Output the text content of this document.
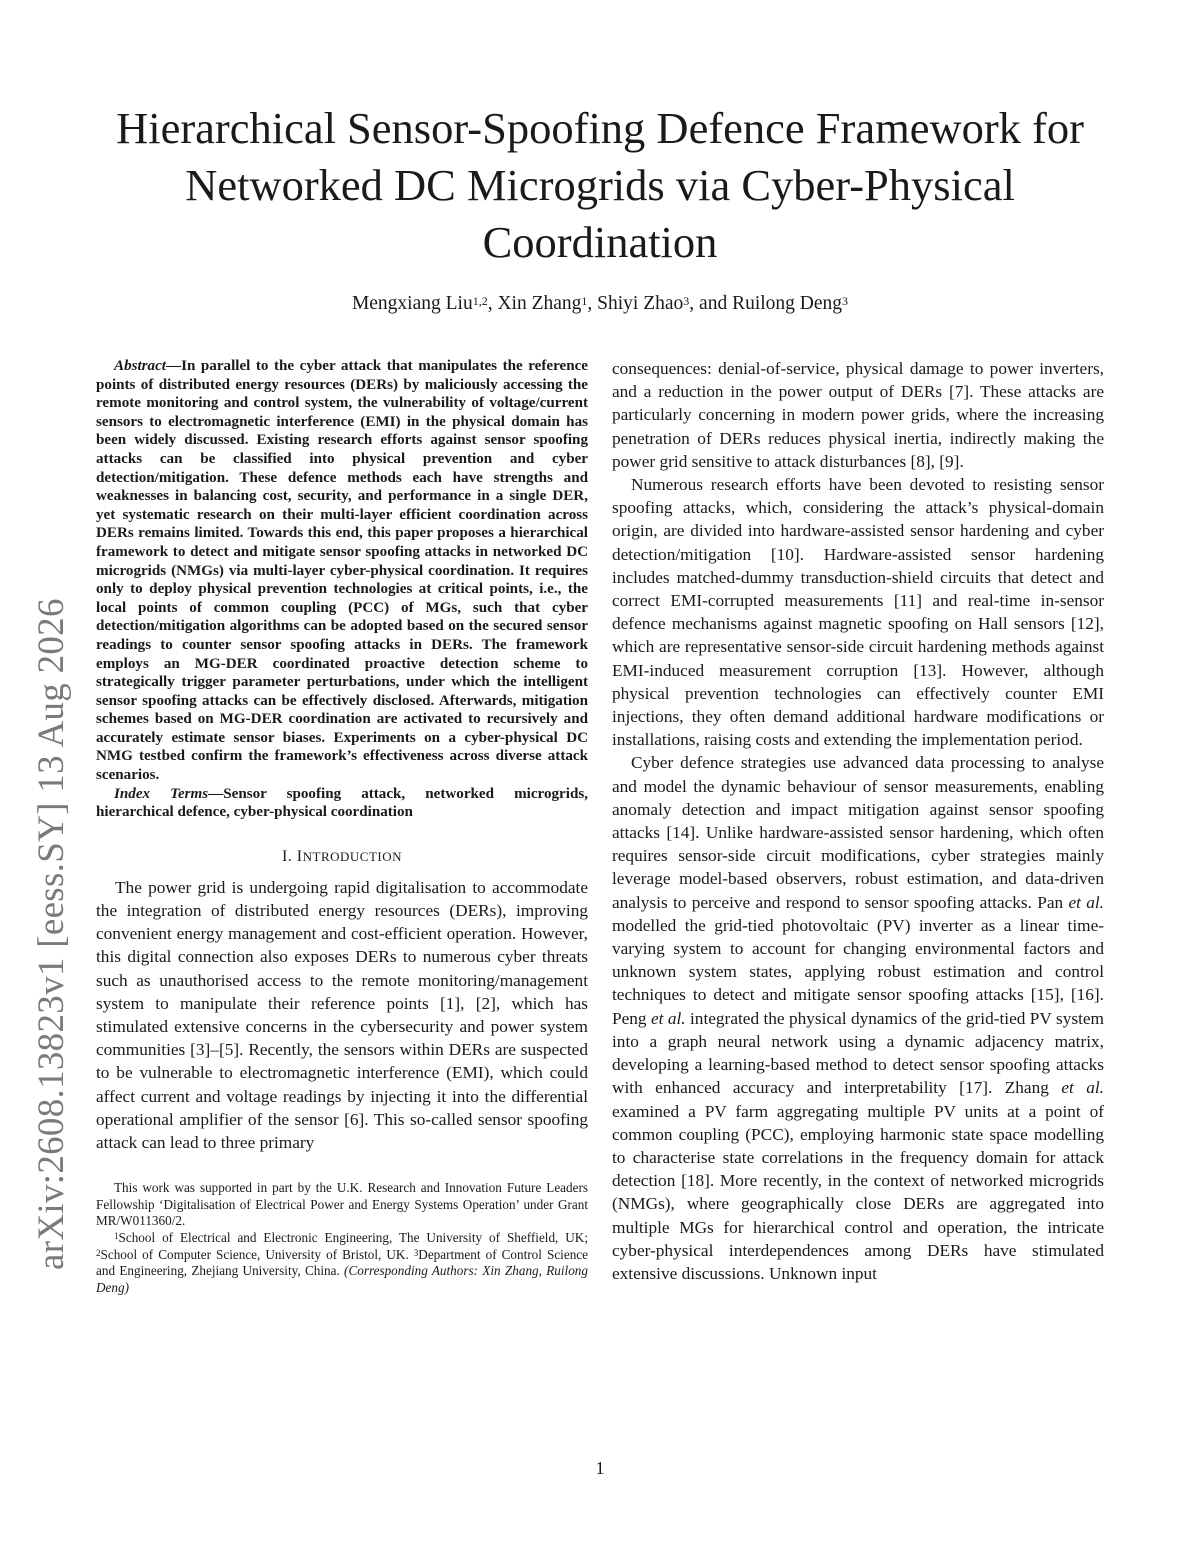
arXiv:2608.13823v1 [eess.SY] 13 Aug 2026
Hierarchical Sensor-Spoofing Defence Framework for Networked DC Microgrids via Cyber-Physical Coordination
Mengxiang Liu$^{1,2}$, Xin Zhang$^1$, Shiyi Zhao$^3$, and Ruilong Deng$^3$

Abstract—In parallel to the cyber attack that manipulates the reference points of distributed energy resources (DERs) by maliciously accessing the remote monitoring and control system, the vulnerability of voltage/current sensors to electromagnetic interference (EMI) in the physical domain has been widely discussed. Existing research efforts against sensor spoofing attacks can be classified into physical prevention and cyber detection/mitigation. These defence methods each have strengths and weaknesses in balancing cost, security, and performance in a single DER, yet systematic research on their multi-layer efficient coordination across DERs remains limited. Towards this end, this paper proposes a hierarchical framework to detect and mitigate sensor spoofing attacks in networked DC microgrids (NMGs) via multi-layer cyber-physical coordination. It requires only to deploy physical prevention technologies at critical points, i.e., the local points of common coupling (PCC) of MGs, such that cyber detection/mitigation algorithms can be adopted based on the secured sensor readings to counter sensor spoofing attacks in DERs. The framework employs an MG-DER coordinated proactive detection scheme to strategically trigger parameter perturbations, under which the intelligent sensor spoofing attacks can be effectively disclosed. Afterwards, mitigation schemes based on MG-DER coordination are activated to recursively and accurately estimate sensor biases. Experiments on a cyber-physical DC NMG testbed confirm the framework’s effectiveness across diverse attack scenarios.

Index Terms—Sensor spoofing attack, networked microgrids, hierarchical defence, cyber-physical coordination

I. INTRODUCTION

The power grid is undergoing rapid digitalisation to accommodate the integration of distributed energy resources (DERs), improving convenient energy management and cost-efficient operation. However, this digital connection also exposes DERs to numerous cyber threats such as unauthorised access to the remote monitoring/management system to manipulate their reference points [1], [2], which has stimulated extensive concerns in the cybersecurity and power system communities [3]–[5]. Recently, the sensors within DERs are suspected to be vulnerable to electromagnetic interference (EMI), which could affect current and voltage readings by injecting it into the differential operational amplifier of the sensor [6]. This so-called sensor spoofing attack can lead to three primary

This work was supported in part by the U.K. Research and Innovation Future Leaders Fellowship ‘Digitalisation of Electrical Power and Energy Systems Operation’ under Grant MR/W011360/2.

$^1$School of Electrical and Electronic Engineering, The University of Sheffield, UK; $^2$School of Computer Science, University of Bristol, UK. $^3$Department of Control Science and Engineering, Zhejiang University, China. (Corresponding Authors: Xin Zhang, Ruilong Deng)

consequences: denial-of-service, physical damage to power inverters, and a reduction in the power output of DERs [7]. These attacks are particularly concerning in modern power grids, where the increasing penetration of DERs reduces physical inertia, indirectly making the power grid sensitive to attack disturbances [8], [9].

Numerous research efforts have been devoted to resisting sensor spoofing attacks, which, considering the attack’s physical-domain origin, are divided into hardware-assisted sensor hardening and cyber detection/mitigation [10]. Hardware-assisted sensor hardening includes matched-dummy transduction-shield circuits that detect and correct EMI-corrupted measurements [11] and real-time in-sensor defence mechanisms against magnetic spoofing on Hall sensors [12], which are representative sensor-side circuit hardening methods against EMI-induced measurement corruption [13]. However, although physical prevention technologies can effectively counter EMI injections, they often demand additional hardware modifications or installations, raising costs and extending the implementation period.

Cyber defence strategies use advanced data processing to analyse and model the dynamic behaviour of sensor measurements, enabling anomaly detection and impact mitigation against sensor spoofing attacks [14]. Unlike hardware-assisted sensor hardening, which often requires sensor-side circuit modifications, cyber strategies mainly leverage model-based observers, robust estimation, and data-driven analysis to perceive and respond to sensor spoofing attacks. Pan et al. modelled the grid-tied photovoltaic (PV) inverter as a linear time-varying system to account for changing environmental factors and unknown system states, applying robust estimation and control techniques to detect and mitigate sensor spoofing attacks [15], [16]. Peng et al. integrated the physical dynamics of the grid-tied PV system into a graph neural network using a dynamic adjacency matrix, developing a learning-based method to detect sensor spoofing attacks with enhanced accuracy and interpretability [17]. Zhang et al. examined a PV farm aggregating multiple PV units at a point of common coupling (PCC), employing harmonic state space modelling to characterise state correlations in the frequency domain for attack detection [18]. More recently, in the context of networked microgrids (NMGs), where geographically close DERs are aggregated into multiple MGs for hierarchical control and operation, the intricate cyber-physical interdependences among DERs have stimulated extensive discussions. Unknown input

1
